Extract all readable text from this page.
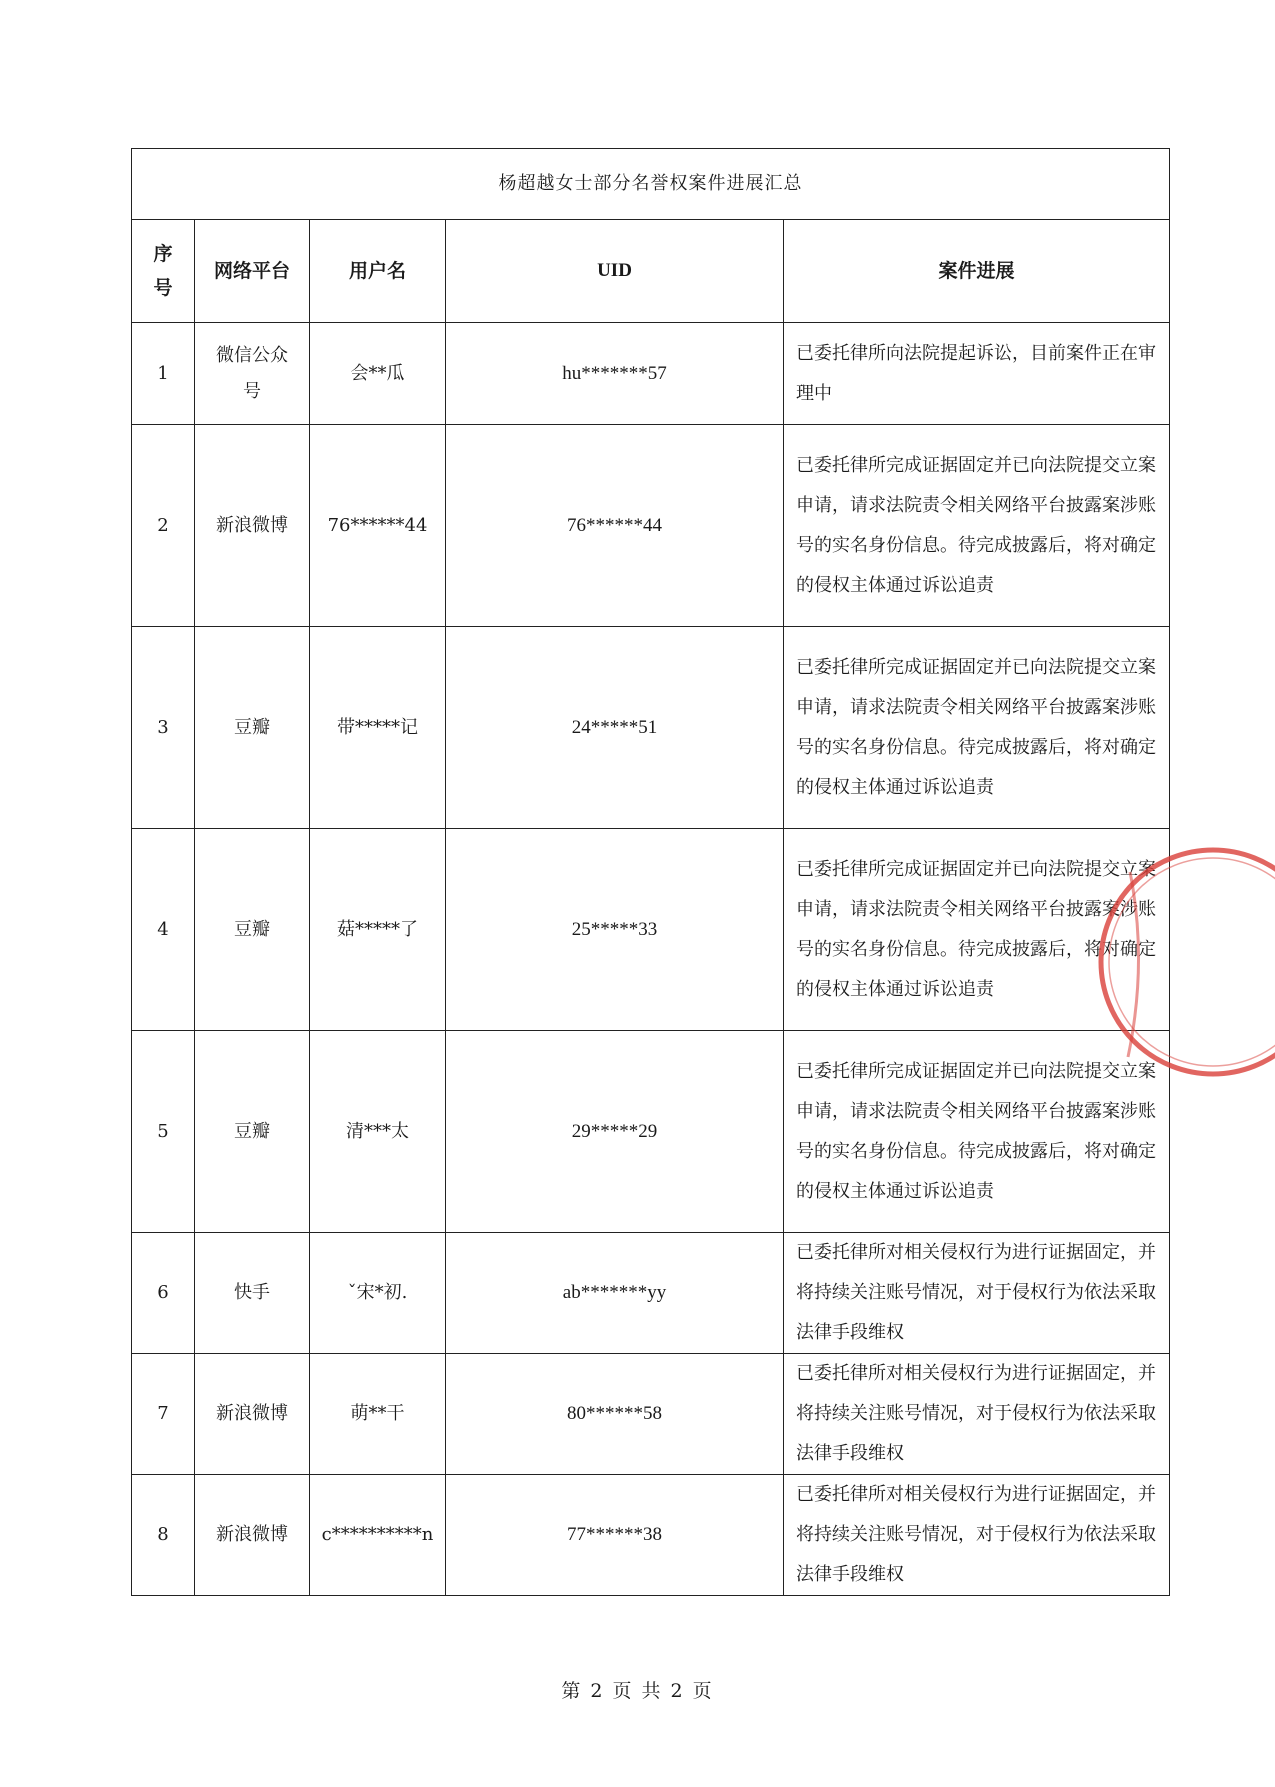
杨超越女士部分名誉权案件进展汇总				
序
号	网络平台	用户名	UID	案件进展
1	微信公众号	会**瓜	hu*******57	已委托律所向法院提起诉讼，目前案件正在审理中
2	新浪微博	76******44	76******44	已委托律所完成证据固定并已向法院提交立案申请，请求法院责令相关网络平台披露案涉账号的实名身份信息。待完成披露后，将对确定的侵权主体通过诉讼追责
3	豆瓣	带*****记	24*****51	已委托律所完成证据固定并已向法院提交立案申请，请求法院责令相关网络平台披露案涉账号的实名身份信息。待完成披露后，将对确定的侵权主体通过诉讼追责
4	豆瓣	菇*****了	25*****33	已委托律所完成证据固定并已向法院提交立案申请，请求法院责令相关网络平台披露案涉账号的实名身份信息。待完成披露后，将对确定的侵权主体通过诉讼追责
5	豆瓣	清***太	29*****29	已委托律所完成证据固定并已向法院提交立案申请，请求法院责令相关网络平台披露案涉账号的实名身份信息。待完成披露后，将对确定的侵权主体通过诉讼追责
6	快手	ˇ宋*初.	ab*******yy	已委托律所对相关侵权行为进行证据固定，并将持续关注账号情况，对于侵权行为依法采取法律手段维权
7	新浪微博	萌**干	80******58	已委托律所对相关侵权行为进行证据固定，并将持续关注账号情况，对于侵权行为依法采取法律手段维权
8	新浪微博	c**********n	77******38	已委托律所对相关侵权行为进行证据固定，并将持续关注账号情况，对于侵权行为依法采取法律手段维权
第 2 页 共 2 页
